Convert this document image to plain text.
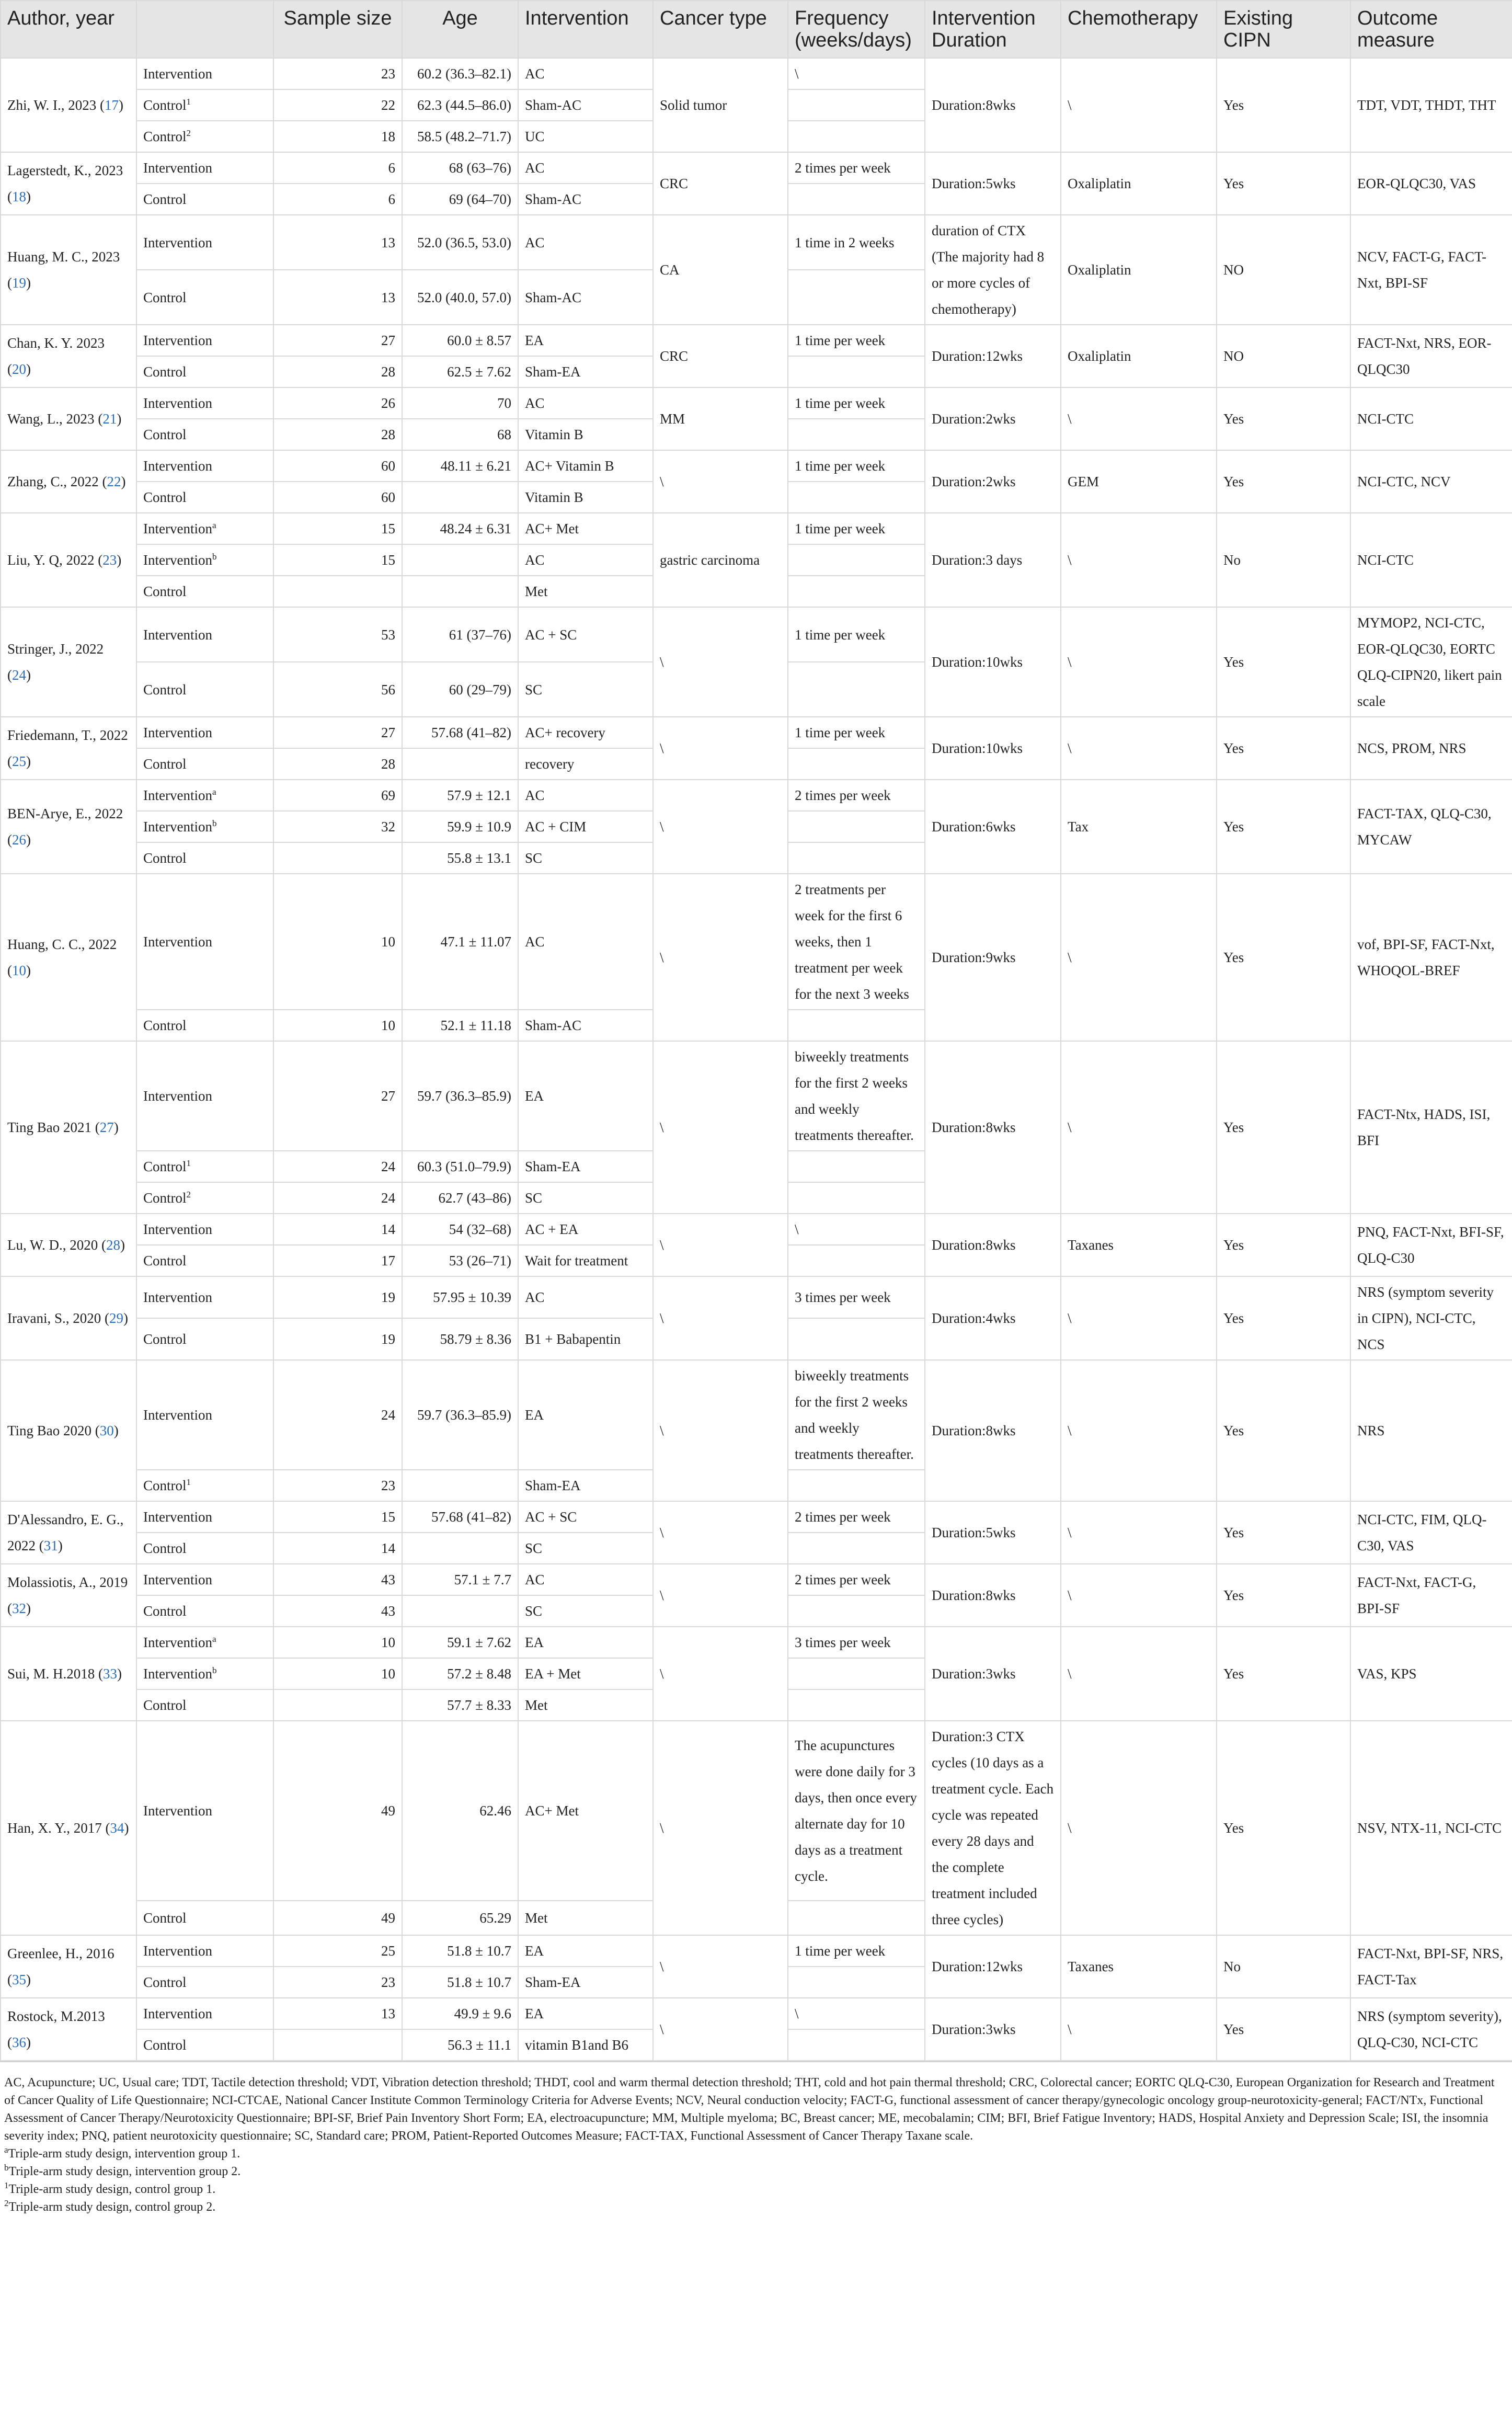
Author, year		Sample size	Age	Intervention	Cancer type	Frequency (weeks/days)	Intervention Duration	Chemotherapy	Existing CIPN	Outcome measure
Zhi, W. I., 2023 (17)	Intervention	23	60.2 (36.3–82.1)	AC	Solid tumor	\	Duration:8wks	\	Yes	TDT, VDT, THDT, THT
	Control$^1$	22	62.3 (44.5–86.0)	Sham-AC						
	Control$^2$	18	58.5 (48.2–71.7)	UC						
Lagerstedt, K., 2023 (18)	Intervention	6	68 (63–76)	AC	CRC	2 times per week	Duration:5wks	Oxaliplatin	Yes	EOR-QLQC30, VAS
	Control	6	69 (64–70)	Sham-AC						
Huang, M. C., 2023 (19)	Intervention	13	52.0 (36.5, 53.0)	AC	CA	1 time in 2 weeks	duration of CTX (The majority had 8 or more cycles of chemotherapy)	Oxaliplatin	NO	NCV, FACT-G, FACT-Nxt, BPI-SF
	Control	13	52.0 (40.0, 57.0)	Sham-AC						
Chan, K. Y. 2023 (20)	Intervention	27	60.0 ± 8.57	EA	CRC	1 time per week	Duration:12wks	Oxaliplatin	NO	FACT-Nxt, NRS, EOR-QLQC30
	Control	28	62.5 ± 7.62	Sham-EA						
Wang, L., 2023 (21)	Intervention	26	70	AC	MM	1 time per week	Duration:2wks	\	Yes	NCI-CTC
	Control	28	68	Vitamin B						
Zhang, C., 2022 (22)	Intervention	60	48.11 ± 6.21	AC+ Vitamin B	\	1 time per week	Duration:2wks	GEM	Yes	NCI-CTC, NCV
	Control	60		Vitamin B						
Liu, Y. Q, 2022 (23)	Intervention$^a$	15	48.24 ± 6.31	AC+ Met	gastric carcinoma	1 time per week	Duration:3 days	\	No	NCI-CTC
	Intervention$^b$	15		AC						
	Control			Met						
Stringer, J., 2022 (24)	Intervention	53	61 (37–76)	AC + SC	\	1 time per week	Duration:10wks	\	Yes	MYMOP2, NCI-CTC, EOR-QLQC30, EORTC QLQ-CIPN20, likert pain scale
	Control	56	60 (29–79)	SC						
Friedemann, T., 2022 (25)	Intervention	27	57.68 (41–82)	AC+ recovery	\	1 time per week	Duration:10wks	\	Yes	NCS, PROM, NRS
	Control	28		recovery						
BEN-Arye, E., 2022 (26)	Intervention$^a$	69	57.9 ± 12.1	AC	\	2 times per week	Duration:6wks	Tax	Yes	FACT-TAX, QLQ-C30, MYCAW
	Intervention$^b$	32	59.9 ± 10.9	AC + CIM						
	Control		55.8 ± 13.1	SC						
Huang, C. C., 2022 (10)	Intervention	10	47.1 ± 11.07	AC	\	2 treatments per week for the first 6 weeks, then 1 treatment per week for the next 3 weeks	Duration:9wks	\	Yes	vof, BPI-SF, FACT-Nxt, WHOQOL-BREF
	Control	10	52.1 ± 11.18	Sham-AC						
Ting Bao 2021 (27)	Intervention	27	59.7 (36.3–85.9)	EA	\	biweekly treatments for the first 2 weeks and weekly treatments thereafter.	Duration:8wks	\	Yes	FACT-Ntx, HADS, ISI, BFI
	Control$^1$	24	60.3 (51.0–79.9)	Sham-EA						
	Control$^2$	24	62.7 (43–86)	SC						
Lu, W. D., 2020 (28)	Intervention	14	54 (32–68)	AC + EA	\	\	Duration:8wks	Taxanes	Yes	PNQ, FACT-Nxt, BFI-SF, QLQ-C30
	Control	17	53 (26–71)	Wait for treatment						
Iravani, S., 2020 (29)	Intervention	19	57.95 ± 10.39	AC	\	3 times per week	Duration:4wks	\	Yes	NRS (symptom severity in CIPN), NCI-CTC, NCS
	Control	19	58.79 ± 8.36	B1 + Babapentin						
Ting Bao 2020 (30)	Intervention	24	59.7 (36.3–85.9)	EA	\	biweekly treatments for the first 2 weeks and weekly treatments thereafter.	Duration:8wks	\	Yes	NRS
	Control$^1$	23		Sham-EA						
D'Alessandro, E. G., 2022 (31)	Intervention	15	57.68 (41–82)	AC + SC	\	2 times per week	Duration:5wks	\	Yes	NCI-CTC, FIM, QLQ-C30, VAS
	Control	14		SC						
Molassiotis, A., 2019 (32)	Intervention	43	57.1 ± 7.7	AC	\	2 times per week	Duration:8wks	\	Yes	FACT-Nxt, FACT-G, BPI-SF
	Control	43		SC						
Sui, M. H.2018 (33)	Intervention$^a$	10	59.1 ± 7.62	EA	\	3 times per week	Duration:3wks	\	Yes	VAS, KPS
	Intervention$^b$	10	57.2 ± 8.48	EA + Met						
	Control		57.7 ± 8.33	Met						
Han, X. Y., 2017 (34)	Intervention	49	62.46	AC+ Met	\	The acupunctures were done daily for 3 days, then once every alternate day for 10 days as a treatment cycle.	Duration:3 CTX cycles (10 days as a treatment cycle. Each cycle was repeated every 28 days and the complete treatment included three cycles)	\	Yes	NSV, NTX-11, NCI-CTC
	Control	49	65.29	Met						
Greenlee, H., 2016 (35)	Intervention	25	51.8 ± 10.7	EA	\	1 time per week	Duration:12wks	Taxanes	No	FACT-Nxt, BPI-SF, NRS, FACT-Tax
	Control	23	51.8 ± 10.7	Sham-EA						
Rostock, M.2013 (36)	Intervention	13	49.9 ± 9.6	EA	\	\	Duration:3wks	\	Yes	NRS (symptom severity), QLQ-C30, NCI-CTC
	Control		56.3 ± 11.1	vitamin B1and B6						

AC, Acupuncture; UC, Usual care; TDT, Tactile detection threshold; VDT, Vibration detection threshold; THDT, cool and warm thermal detection threshold; THT, cold and hot pain thermal threshold; CRC, Colorectal cancer; EORTC QLQ-C30, European Organization for Research and Treatment of Cancer Quality of Life Questionnaire; NCI-CTCAE, National Cancer Institute Common Terminology Criteria for Adverse Events; NCV, Neural conduction velocity; FACT-G, functional assessment of cancer therapy/gynecologic oncology group-neurotoxicity-general; FACT/NTx, Functional Assessment of Cancer Therapy/Neurotoxicity Questionnaire; BPI-SF, Brief Pain Inventory Short Form; EA, electroacupuncture; MM, Multiple myeloma; BC, Breast cancer; ME, mecobalamin; CIM; BFI, Brief Fatigue Inventory; HADS, Hospital Anxiety and Depression Scale; ISI, the insomnia severity index; PNQ, patient neurotoxicity questionnaire; SC, Standard care; PROM, Patient-Reported Outcomes Measure; FACT-TAX, Functional Assessment of Cancer Therapy Taxane scale.

$^a$Triple-arm study design, intervention group 1.

$^b$Triple-arm study design, intervention group 2.

$^1$Triple-arm study design, control group 1.

$^2$Triple-arm study design, control group 2.
